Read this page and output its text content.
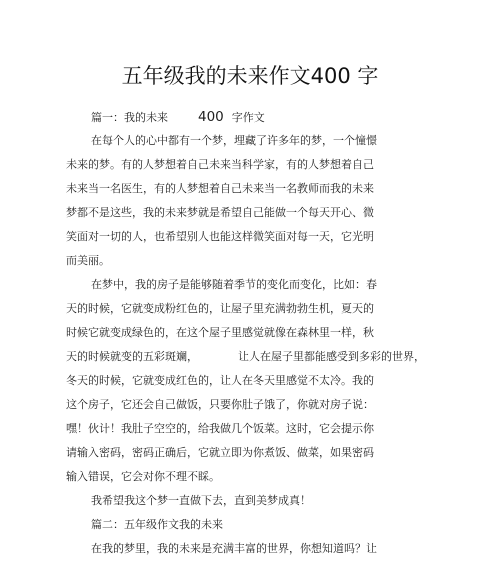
五年级我的未来作文400 字
篇一：我的未来 400 字作文
在每个人的心中都有一个梦，埋藏了许多年的梦，一个憧憬
未来的梦。有的人梦想着自己未来当科学家，有的人梦想着自己
未来当一名医生，有的人梦想着自己未来当一名教师而我的未来
梦都不是这些，我的未来梦就是希望自己能做一个每天开心、微
笑面对一切的人，也希望别人也能这样微笑面对每一天，它光明
而美丽。
在梦中，我的房子是能够随着季节的变化而变化，比如：春
天的时候，它就变成粉红色的，让屋子里充满勃勃生机，夏天的
时候它就变成绿色的，在这个屋子里感觉就像在森林里一样，秋
天的时候就变的五彩斑斓，	让人在屋子里都能感受到多彩的世界，
冬天的时候，它就变成红色的，让人在冬天里感觉不太冷。我的
这个房子，它还会自己做饭，只要你肚子饿了，你就对房子说：
嘿！伙计！我肚子空空的，给我做几个饭菜。这时，它会提示你
请输入密码，密码正确后，它就立即为你煮饭、做菜，如果密码
输入错误，它会对你不理不睬。
我希望我这个梦一直做下去，直到美梦成真！
篇二：五年级作文我的未来
在我的梦里，我的未来是充满丰富的世界，你想知道吗？让
